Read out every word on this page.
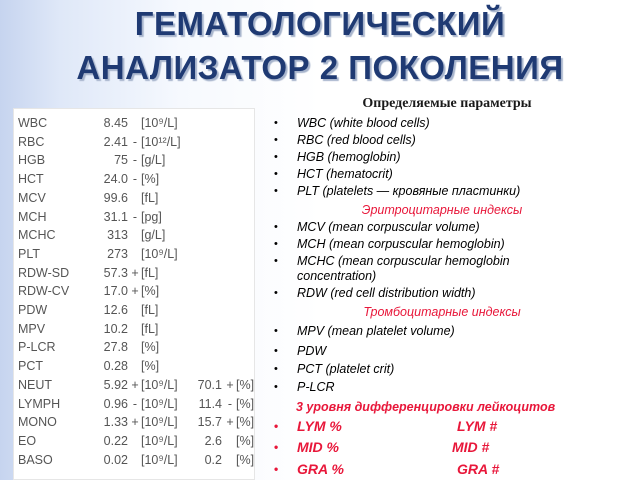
ГЕМАТОЛОГИЧЕСКИЙ
АНАЛИЗАТОР 2 ПОКОЛЕНИЯ
WBC	8.45 [10⁹/L]
RBC	2.41 - [10¹²/L]
HGB	75 - [g/L]
HCT	24.0 - [%]
MCV	99.6 [fL]
MCH	31.1 - [pg]
MCHC	313 [g/L]
PLT	273 [10⁹/L]
RDW-SD	57.3 + [fL]
RDW-CV	17.0 + [%]
PDW	12.6 [fL]
MPV	10.2 [fL]
P-LCR	27.8 [%]
PCT	0.28 [%]
NEUT	5.92 + [10⁹/L]	70.1 + [%]
LYMPH	0.96 - [10⁹/L]	11.4 - [%]
MONO	1.33 + [10⁹/L]	15.7 + [%]
EO	0.22 [10⁹/L]	2.6 [%]
BASO	0.02 [10⁹/L]	0.2 [%]
Определяемые параметры
• WBC (white blood cells)
• RBC (red blood cells)
• HGB (hemoglobin)
• HCT (hematocrit)
• PLT (platelets — кровяные пластинки)
Эритроцитарные индексы
• MCV (mean corpuscular volume)
• MCH (mean corpuscular hemoglobin)
• MCHC (mean corpuscular hemoglobin concentration)
• RDW (red cell distribution width)
Тромбоцитарные индексы
• MPV (mean platelet volume)
• PDW
• PCT (platelet crit)
• P-LCR
3 уровня дифференцировки лейкоцитов
• LYM %	LYM #
• MID %	MID #
• GRA %	GRA #
